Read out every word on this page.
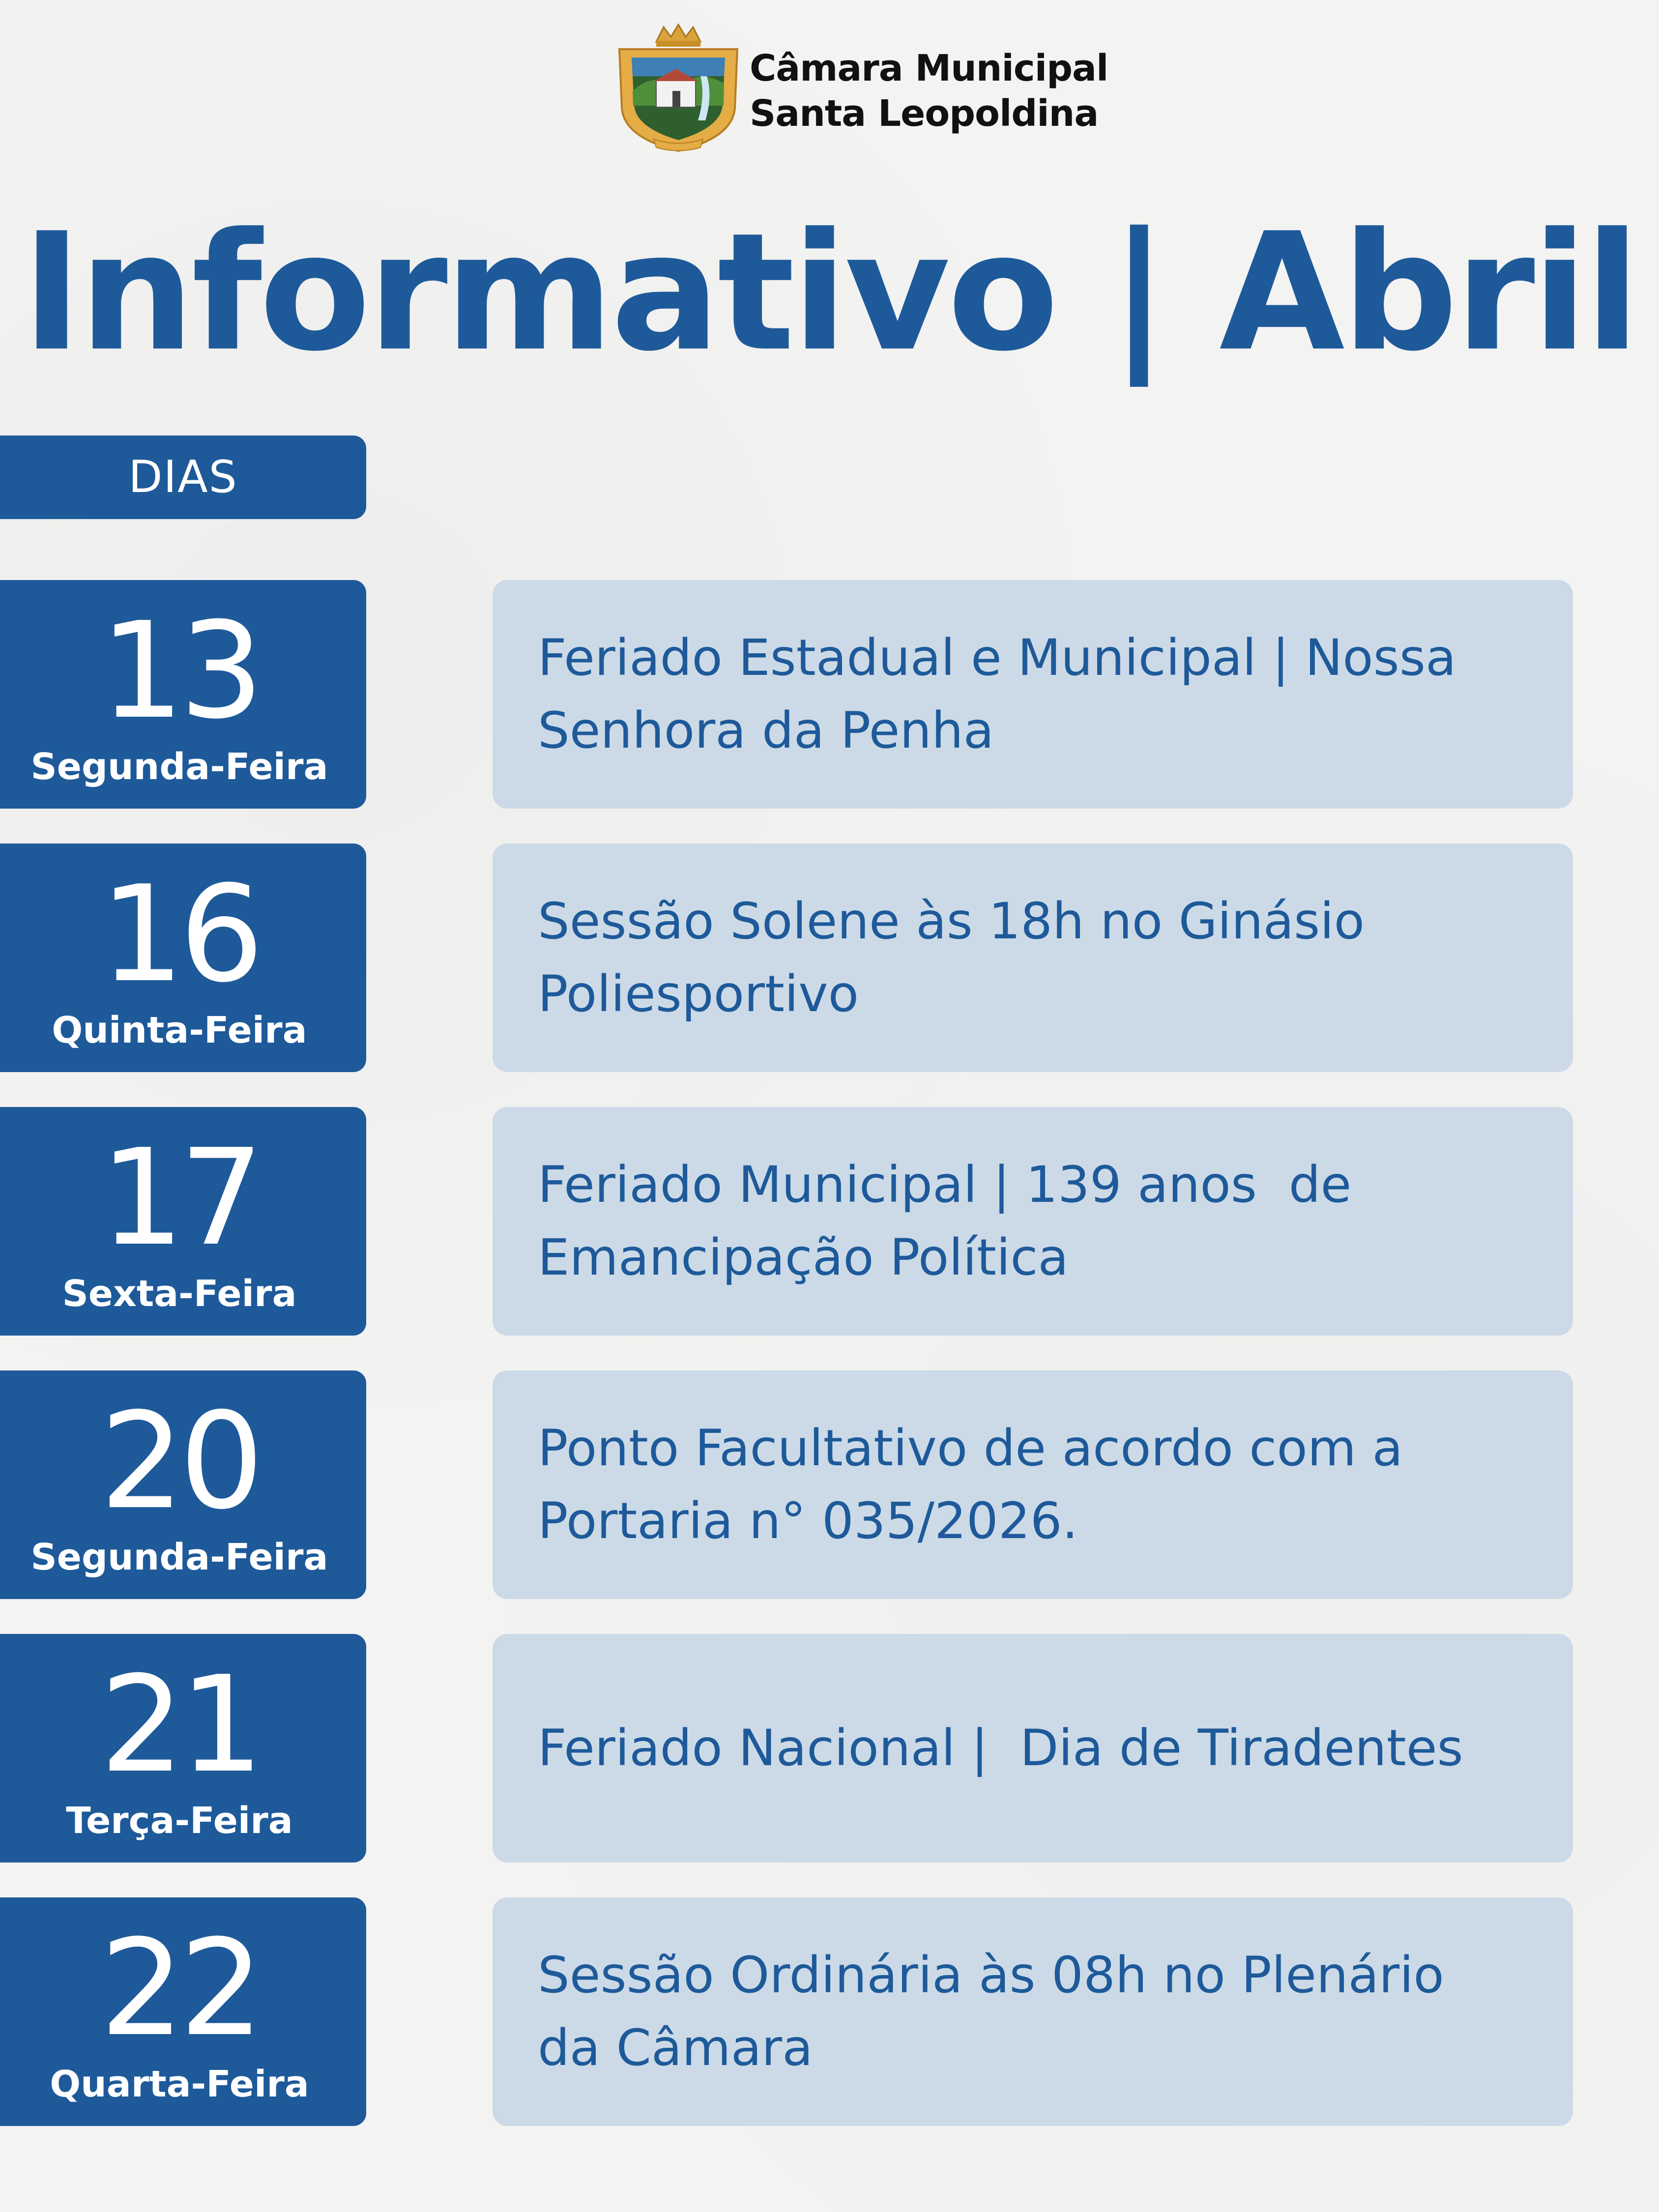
Câmara Municipal
Santa Leopoldina
Informativo | Abril
DIAS
13
Segunda-Feira
Feriado Estadual e Municipal | Nossa
Senhora da Penha
16
Quinta-Feira
Sessão Solene às 18h no Ginásio
Poliesportivo
17
Sexta-Feira
Feriado Municipal | 139 anos  de
Emancipação Política
20
Segunda-Feira
Ponto Facultativo de acordo com a
Portaria n° 035/2026.
21
Terça-Feira
Feriado Nacional |  Dia de Tiradentes
22
Quarta-Feira
Sessão Ordinária às 08h no Plenário
da Câmara
